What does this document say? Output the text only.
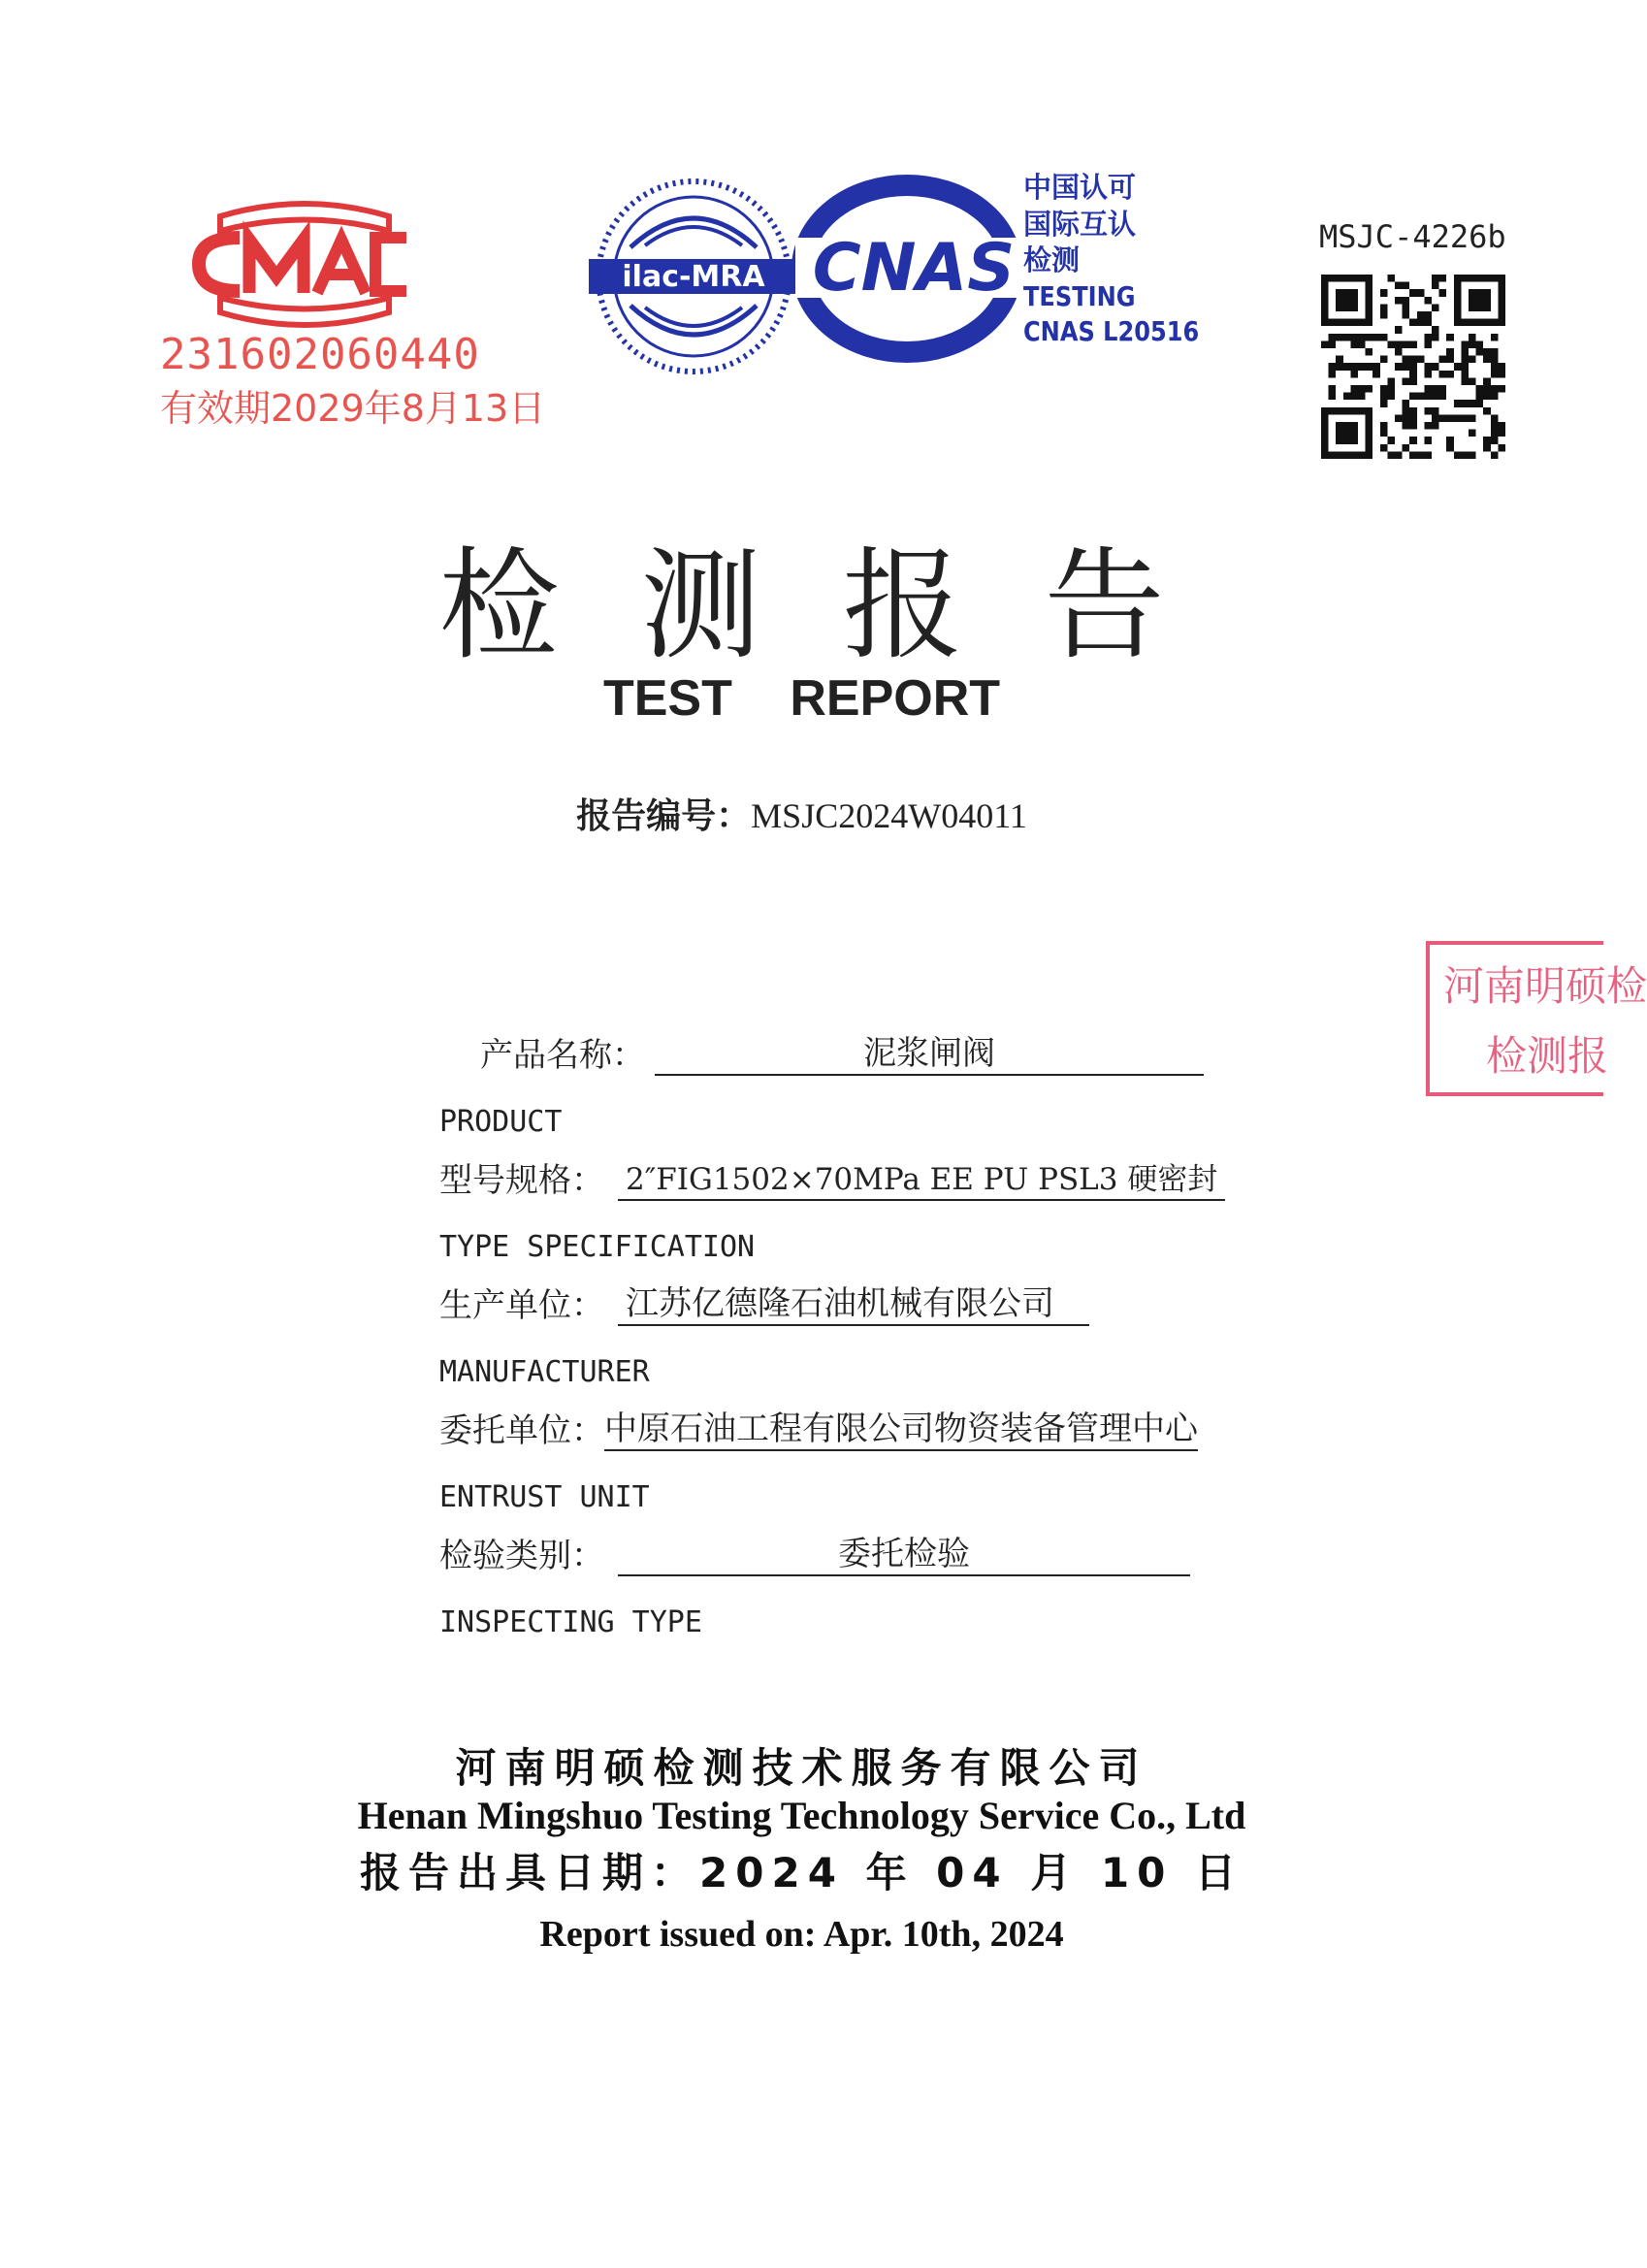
231602060440
有效期2029年8月13日
ilac-MRA CNAS
中国认可
国际互认
检测
TESTING
CNAS L20516
MSJC-4226b
检测报告
TEST REPORT
报告编号：MSJC2024W04011
河南明硕检
检测报
产品名称：	泥浆闸阀
PRODUCT
型号规格： 2″FIG1502×70MPa EE PU PSL3 硬密封
TYPE SPECIFICATION
生产单位： 江苏亿德隆石油机械有限公司
MANUFACTURER
委托单位： 中原石油工程有限公司物资装备管理中心
ENTRUST UNIT
检验类别：	委托检验
INSPECTING TYPE
河南明硕检测技术服务有限公司
Henan Mingshuo Testing Technology Service Co., Ltd
报告出具日期：2024 年 04 月 10 日
Report issued on: Apr. 10th, 2024
